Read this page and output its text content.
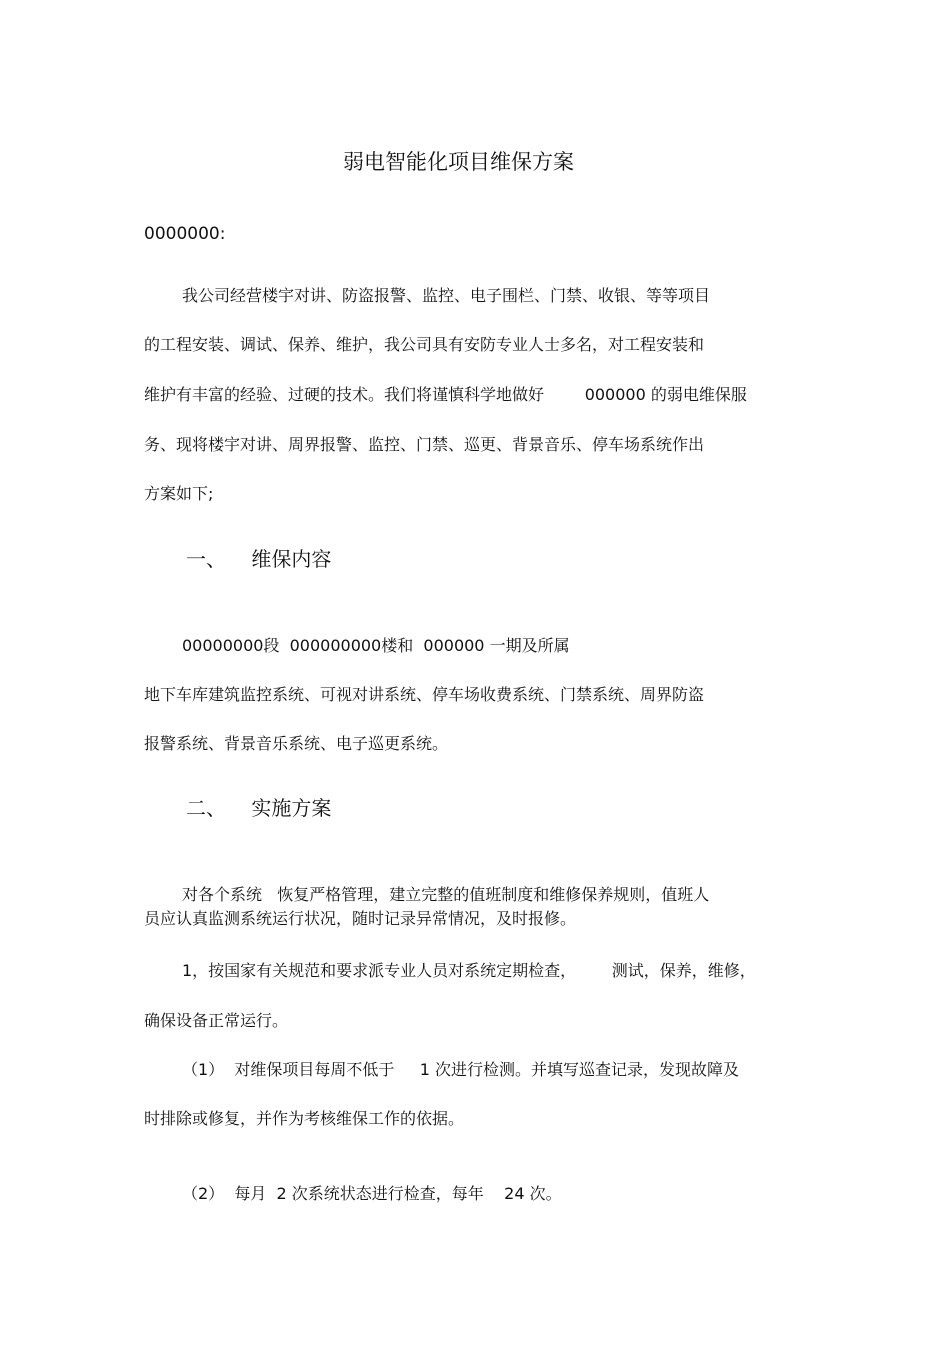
弱电智能化项目维保方案
0000000:
我公司经营楼宇对讲、防盗报警、监控、电子围栏、门禁、收银、等等项目
的工程安装、调试、保养、维护，我公司具有安防专业人士多名，对工程安装和
维护有丰富的经验、过硬的技术。我们将谨慎科学地做好        000000 的弱电维保服
务、现将楼宇对讲、周界报警、监控、门禁、巡更、背景音乐、停车场系统作出
方案如下;
一、    维保内容
00000000段  000000000楼和  000000 一期及所属
地下车库建筑监控系统、可视对讲系统、停车场收费系统、门禁系统、周界防盗
报警系统、背景音乐系统、电子巡更系统。
二、    实施方案
对各个系统   恢复严格管理，建立完整的值班制度和维修保养规则，值班人
员应认真监测系统运行状况，随时记录异常情况，及时报修。
1，按国家有关规范和要求派专业人员对系统定期检查，       测试，保养，维修，
确保设备正常运行。
（1）  对维保项目每周不低于     1 次进行检测。并填写巡查记录，发现故障及
时排除或修复，并作为考核维保工作的依据。
（2）  每月  2 次系统状态进行检查，每年    24 次。
